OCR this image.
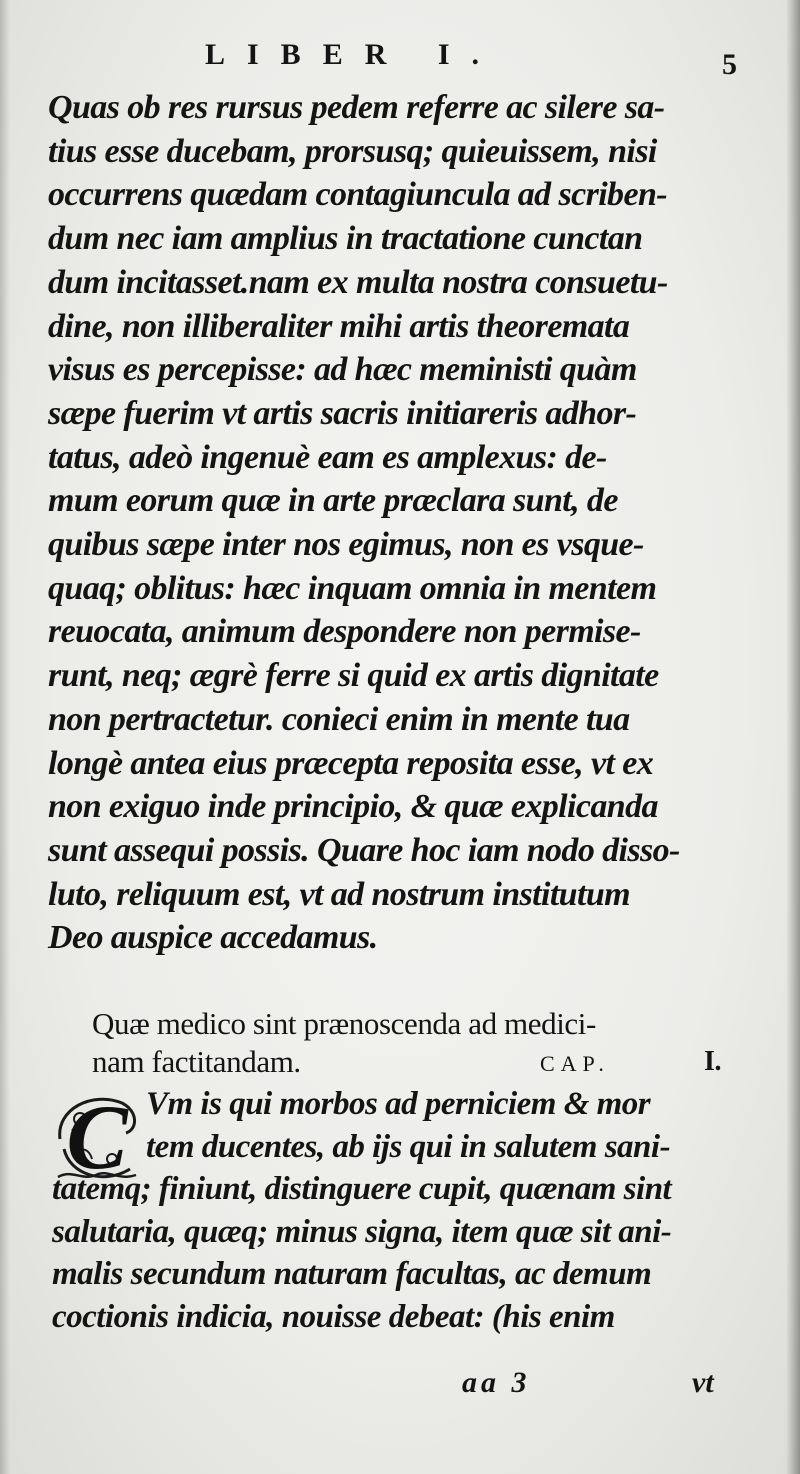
LIBER I.	5
Quas ob res rursus pedem referre ac silere sa-
tius esse ducebam, prorsusq; quieuissem, nisi
occurrens quædam contagiuncula ad scriben-
dum nec iam amplius in tractatione cunctan
dum incitasset.nam ex multa nostra consuetu-
dine, non illiberaliter mihi artis theoremata
visus es percepisse: ad hæc meministi quàm
sæpe fuerim vt artis sacris initiareris adhor-
tatus, adeò ingenuè eam es amplexus: de-
mum eorum quæ in arte præclara sunt, de
quibus sæpe inter nos egimus, non es vsque-
quaq; oblitus: hæc inquam omnia in mentem
reuocata, animum despondere non permise-
runt, neq; ægrè ferre si quid ex artis dignitate
non pertractetur. conieci enim in mente tua
longè antea eius præcepta reposita esse, vt ex
non exiguo inde principio, & quæ explicanda
sunt assequi possis. Quare hoc iam nodo disso-
luto, reliquum est, vt ad nostrum institutum
Deo auspice accedamus.
Quæ medico sint prænoscenda ad medici-
nam factitandam.	CAP.	I.
C Vm is qui morbos ad perniciem & mor
tem ducentes, ab ijs qui in salutem sani-
tatemq; finiunt, distinguere cupit, quænam sint
salutaria, quæq; minus signa, item quæ sit ani-
malis secundum naturam facultas, ac demum
coctionis indicia, nouisse debeat: (his enim
aa 3	vt
